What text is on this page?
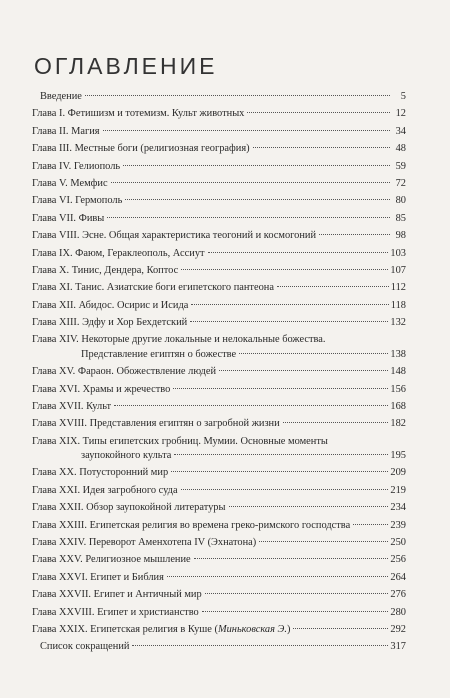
ОГЛАВЛЕНИЕ
Введение	5
Глава I. Фетишизм и тотемизм. Культ животных	12
Глава II. Магия	34
Глава III. Местные боги (религиозная география)	48
Глава IV. Гелиополь	59
Глава V. Мемфис	72
Глава VI. Гермополь	80
Глава VII. Фивы	85
Глава VIII. Эсне. Общая характеристика теогоний и космогоний	98
Глава IX. Фаюм, Гераклеополь, Ассиут	103
Глава X. Тинис, Дендера, Коптос	107
Глава XI. Танис. Азиатские боги египетского пантеона	112
Глава XII. Абидос. Осирис и Исида	118
Глава XIII. Эдфу и Хор Бехдетский	132
Глава XIV. Некоторые другие локальные и нелокальные божества.
Представление египтян о божестве	138
Глава XV. Фараон. Обожествление людей	148
Глава XVI. Храмы и жречество	156
Глава XVII. Культ	168
Глава XVIII. Представления египтян о загробной жизни	182
Глава XIX. Типы египетских гробниц. Мумии. Основные моменты
заупокойного культа	195
Глава XX. Потусторонний мир	209
Глава XXI. Идея загробного суда	219
Глава XXII. Обзор заупокойной литературы	234
Глава XXIII. Египетская религия во времена греко-римского господства	239
Глава XXIV. Переворот Аменхотепа IV (Эхнатона)	250
Глава XXV. Религиозное мышление	256
Глава XXVI. Египет и Библия	264
Глава XXVII. Египет и Античный мир	276
Глава XXVIII. Египет и христианство	280
Глава XXIX. Египетская религия в Куше ( Миньковская Э. )	292
Список сокращений	317
